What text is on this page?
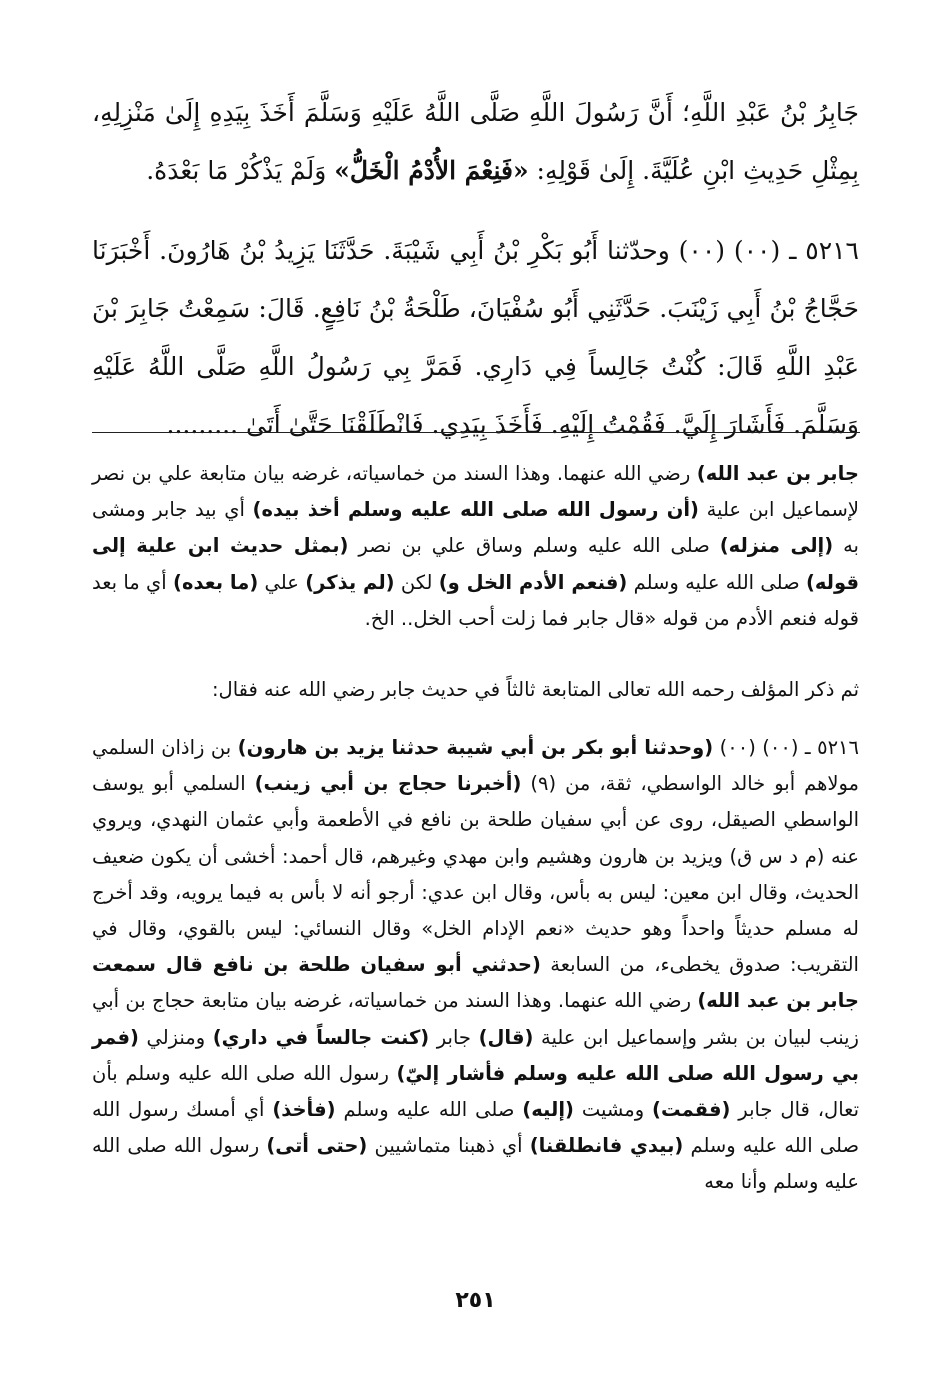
جَابِرُ بْنُ عَبْدِ اللَّهِ؛ أَنَّ رَسُولَ اللَّهِ صَلَّى اللَّهُ عَلَيْهِ وَسَلَّمَ أَخَذَ بِيَدِهِ إِلَىٰ مَنْزِلِهِ، بِمِثْلِ حَدِيثِ ابْنِ عُلَيَّةَ. إِلَىٰ قَوْلِهِ: «فَنِعْمَ الأُدْمُ الْخَلُّ» وَلَمْ يَذْكُرْ مَا بَعْدَهُ.

٥٢١٦ ـ (٠٠) (٠٠) وحدّثنا أَبُو بَكْرِ بْنُ أَبِي شَيْبَةَ. حَدَّثَنَا يَزِيدُ بْنُ هَارُونَ. أَخْبَرَنَا حَجَّاجُ بْنُ أَبِي زَيْنَبَ. حَدَّثَنِي أَبُو سُفْيَانَ، طَلْحَةُ بْنُ نَافِعٍ. قَالَ: سَمِعْتُ جَابِرَ بْنَ عَبْدِ اللَّهِ قَالَ: كُنْتُ جَالِساً فِي دَارِي. فَمَرَّ بِي رَسُولُ اللَّهِ صَلَّى اللَّهُ عَلَيْهِ وَسَلَّمَ. فَأَشَارَ إِلَيَّ. فَقُمْتُ إِلَيْهِ. فَأَخَذَ بِيَدِي. فَانْطَلَقْنَا حَتَّىٰ أَتَىٰ .........

جابر بن عبد الله) رضي الله عنهما. وهذا السند من خماسياته، غرضه بيان متابعة علي بن نصر لإسماعيل ابن علية (أن رسول الله صلى الله عليه وسلم أخذ بيده) أي بيد جابر ومشى به (إلى منزله) صلى الله عليه وسلم وساق علي بن نصر (بمثل حديث ابن علية إلى قوله) صلى الله عليه وسلم (فنعم الأدم الخل و) لكن (لم يذكر) علي (ما بعده) أي ما بعد قوله فنعم الأدم من قوله «قال جابر فما زلت أحب الخل.. الخ.

ثم ذكر المؤلف رحمه الله تعالى المتابعة ثالثاً في حديث جابر رضي الله عنه فقال:

٥٢١٦ ـ (٠٠) (٠٠) (وحدثنا أبو بكر بن أبي شيبة حدثنا يزيد بن هارون) بن زاذان السلمي مولاهم أبو خالد الواسطي، ثقة، من (٩) (أخبرنا حجاج بن أبي زينب) السلمي أبو يوسف الواسطي الصيقل، روى عن أبي سفيان طلحة بن نافع في الأطعمة وأبي عثمان النهدي، ويروي عنه (م د س ق) ويزيد بن هارون وهشيم وابن مهدي وغيرهم، قال أحمد: أخشى أن يكون ضعيف الحديث، وقال ابن معين: ليس به بأس، وقال ابن عدي: أرجو أنه لا بأس به فيما يرويه، وقد أخرج له مسلم حديثاً واحداً وهو حديث «نعم الإدام الخل» وقال النسائي: ليس بالقوي، وقال في التقريب: صدوق يخطىء، من السابعة (حدثني أبو سفيان طلحة بن نافع قال سمعت جابر بن عبد الله) رضي الله عنهما. وهذا السند من خماسياته، غرضه بيان متابعة حجاج بن أبي زينب لبيان بن بشر وإسماعيل ابن علية (قال) جابر (كنت جالساً في داري) ومنزلي (فمر بي رسول الله صلى الله عليه وسلم فأشار إليّ) رسول الله صلى الله عليه وسلم بأن تعال، قال جابر (فقمت) ومشيت (إليه) صلى الله عليه وسلم (فأخذ) أي أمسك رسول الله صلى الله عليه وسلم (بيدي فانطلقنا) أي ذهبنا متماشيين (حتى أتى) رسول الله صلى الله عليه وسلم وأنا معه

٢٥١
